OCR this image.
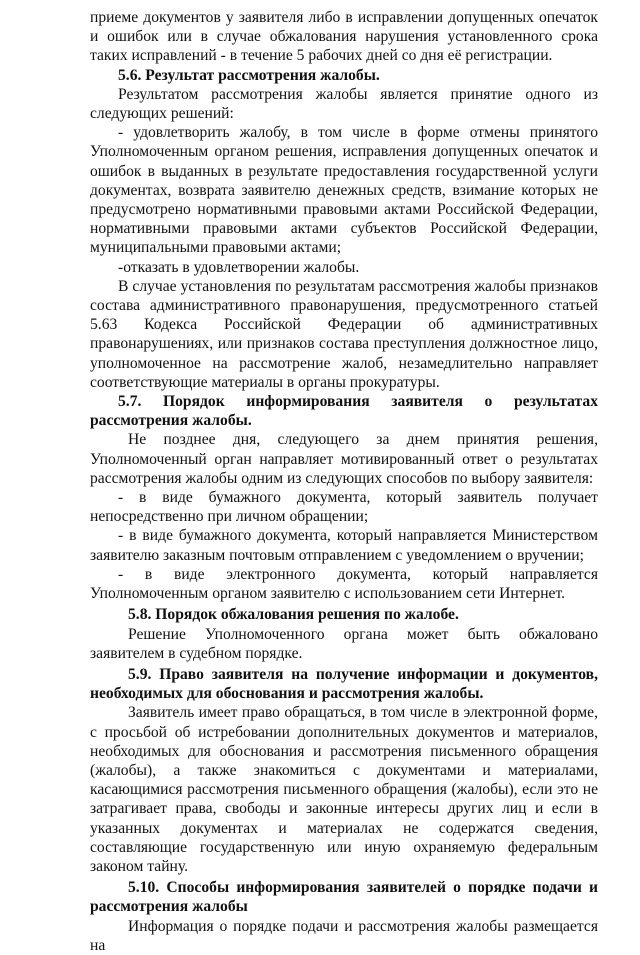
приеме документов у заявителя либо в исправлении допущенных опечаток и ошибок или в случае обжалования нарушения установленного срока таких исправлений - в течение 5 рабочих дней со дня её регистрации.

5.6. Результат рассмотрения жалобы.

Результатом рассмотрения жалобы является принятие одного из следующих решений:

- удовлетворить жалобу, в том числе в форме отмены принятого Уполномоченным органом решения, исправления допущенных опечаток и ошибок в выданных в результате предоставления государственной услуги документах, возврата заявителю денежных средств, взимание которых не предусмотрено нормативными правовыми актами Российской Федерации, нормативными правовыми актами субъектов Российской Федерации, муниципальными правовыми актами;

-отказать в удовлетворении жалобы.

В случае установления по результатам рассмотрения жалобы признаков состава административного правонарушения, предусмотренного статьей 5.63 Кодекса Российской Федерации об административных правонарушениях, или признаков состава преступления должностное лицо, уполномоченное на рассмотрение жалоб, незамедлительно направляет соответствующие материалы в органы прокуратуры.

5.7. Порядок информирования заявителя о результатах рассмотрения жалобы.

Не позднее дня, следующего за днем принятия решения, Уполномоченный орган направляет мотивированный ответ о результатах рассмотрения жалобы одним из следующих способов по выбору заявителя:

- в виде бумажного документа, который заявитель получает непосредственно при личном обращении;

- в виде бумажного документа, который направляется Министерством заявителю заказным почтовым отправлением с уведомлением о вручении;

- в виде электронного документа, который направляется Уполномоченным органом заявителю с использованием сети Интернет.

5.8. Порядок обжалования решения по жалобе.

Решение Уполномоченного органа может быть обжаловано заявителем в судебном порядке.

5.9. Право заявителя на получение информации и документов, необходимых для обоснования и рассмотрения жалобы.

Заявитель имеет право обращаться, в том числе в электронной форме, с просьбой об истребовании дополнительных документов и материалов, необходимых для обоснования и рассмотрения письменного обращения (жалобы), а также знакомиться с документами и материалами, касающимися рассмотрения письменного обращения (жалобы), если это не затрагивает права, свободы и законные интересы других лиц и если в указанных документах и материалах не содержатся сведения, составляющие государственную или иную охраняемую федеральным законом тайну.

5.10. Способы информирования заявителей о порядке подачи и рассмотрения жалобы

Информация о порядке подачи и рассмотрения жалобы размещается на
